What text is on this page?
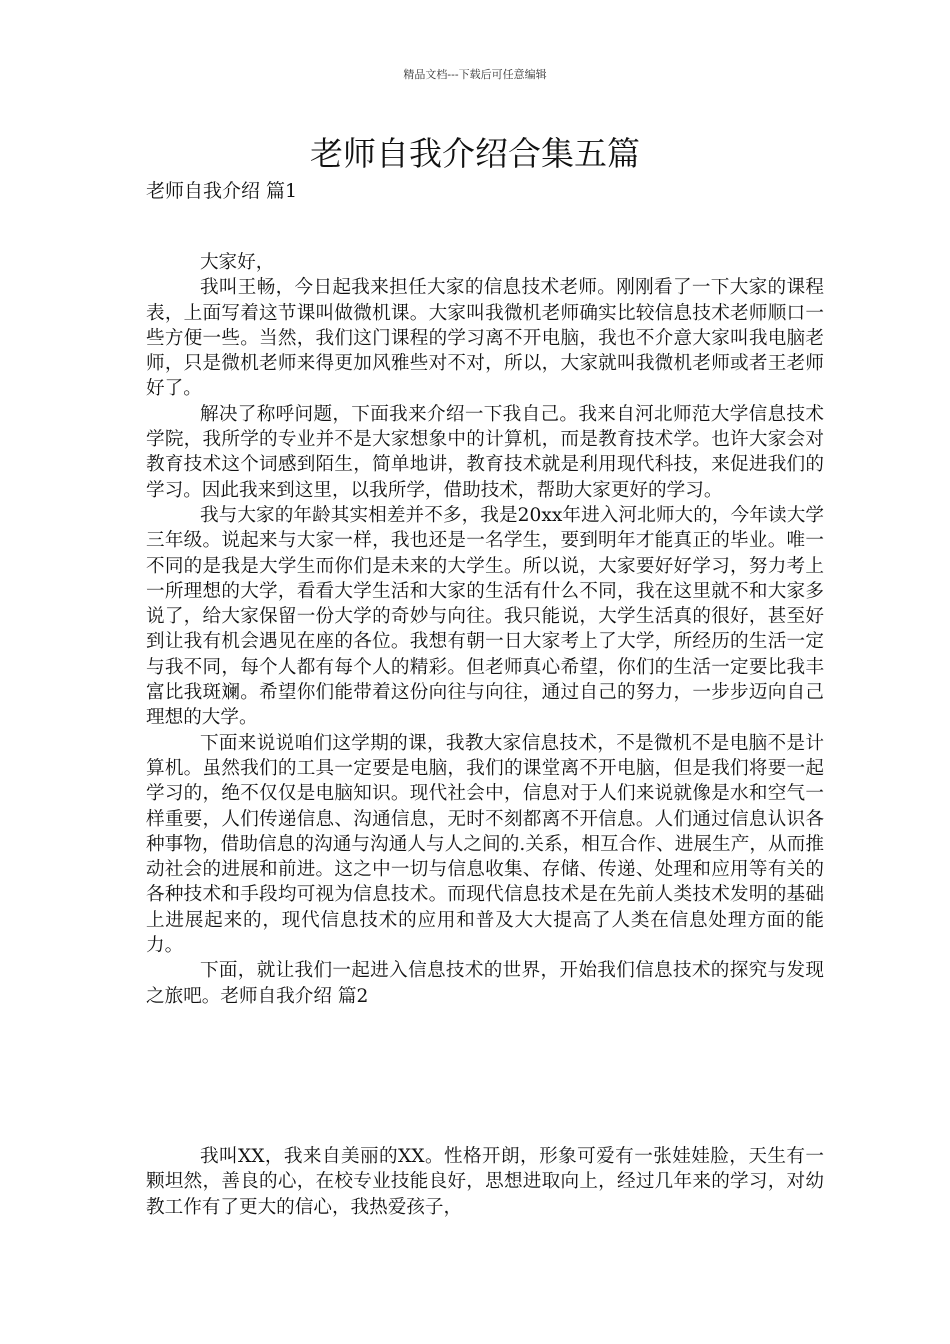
精品文档---下载后可任意编辑
老师自我介绍合集五篇
老师自我介绍 篇1

大家好，

我叫王畅，今日起我来担任大家的信息技术老师。刚刚看了一下大家的课程表，上面写着这节课叫做微机课。大家叫我微机老师确实比较信息技术老师顺口一些方便一些。当然，我们这门课程的学习离不开电脑，我也不介意大家叫我电脑老师，只是微机老师来得更加风雅些对不对，所以，大家就叫我微机老师或者王老师好了。

解决了称呼问题，下面我来介绍一下我自己。我来自河北师范大学信息技术学院，我所学的专业并不是大家想象中的计算机，而是教育技术学。也许大家会对教育技术这个词感到陌生，简单地讲，教育技术就是利用现代科技，来促进我们的学习。因此我来到这里，以我所学，借助技术，帮助大家更好的学习。

我与大家的年龄其实相差并不多，我是20xx年进入河北师大的，今年读大学三年级。说起来与大家一样，我也还是一名学生，要到明年才能真正的毕业。唯一不同的是我是大学生而你们是未来的大学生。所以说，大家要好好学习，努力考上一所理想的大学，看看大学生活和大家的生活有什么不同，我在这里就不和大家多说了，给大家保留一份大学的奇妙与向往。我只能说，大学生活真的很好，甚至好到让我有机会遇见在座的各位。我想有朝一日大家考上了大学，所经历的生活一定与我不同，每个人都有每个人的精彩。但老师真心希望，你们的生活一定要比我丰富比我斑斓。希望你们能带着这份向往与向往，通过自己的努力，一步步迈向自己理想的大学。

下面来说说咱们这学期的课，我教大家信息技术，不是微机不是电脑不是计算机。虽然我们的工具一定要是电脑，我们的课堂离不开电脑，但是我们将要一起学习的，绝不仅仅是电脑知识。现代社会中，信息对于人们来说就像是水和空气一样重要，人们传递信息、沟通信息，无时不刻都离不开信息。人们通过信息认识各种事物，借助信息的沟通与沟通人与人之间的.关系，相互合作、进展生产，从而推动社会的进展和前进。这之中一切与信息收集、存储、传递、处理和应用等有关的各种技术和手段均可视为信息技术。而现代信息技术是在先前人类技术发明的基础上进展起来的，现代信息技术的应用和普及大大提高了人类在信息处理方面的能力。

下面，就让我们一起进入信息技术的世界，开始我们信息技术的探究与发现之旅吧。老师自我介绍 篇2

我叫XX，我来自美丽的XX。性格开朗，形象可爱有一张娃娃脸，天生有一颗坦然，善良的心，在校专业技能良好，思想进取向上，经过几年来的学习，对幼教工作有了更大的信心，我热爱孩子，
